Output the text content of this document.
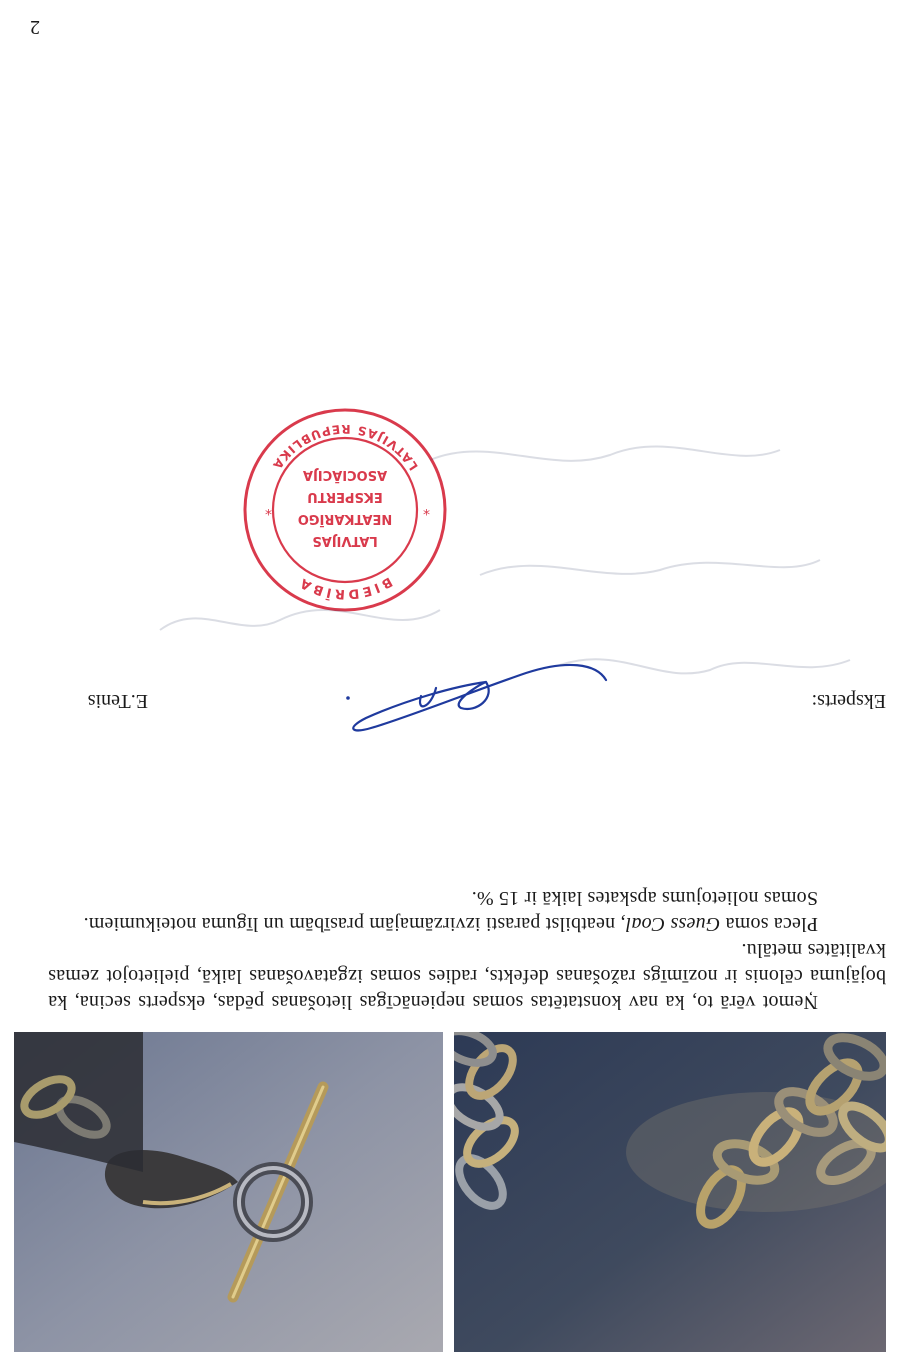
Ņemot vērā to, ka nav konstatētas somas nepienācīgas lietošanas pēdas, eksperts secina, ka bojājuma cēlonis ir nozīmīgs ražošanas defekts, radies somas izgatavošanas laikā, pielietojot zemas kvalitātes metālu.

Pleca soma Guess Coal, neatbilst parasti izvirzāmajām prasībām un līguma noteikumiem.

Somas nolietojums apskates laikā ir 15 %.

Eksperts:
E.Tenis
*
*
BIEDRĪBA
LATVIJAS REPUBLIKA
LATVIJAS
NEATKARĪGO
EKSPERTU
ASOCIĀCIJA
2
